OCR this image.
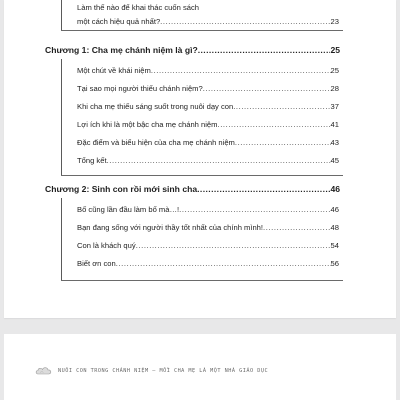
Làm thế nào để khai thác cuốn sách
một cách hiệu quả nhất? .....	23
Chương 1: Cha mẹ chánh niệm là gì? .....	25
Một chút về khái niệm .....	25
Tại sao mọi người thiếu chánh niệm? .....	28
Khi cha mẹ thiếu sáng suốt trong nuôi dạy con .....	37
Lợi ích khi là một bậc cha mẹ chánh niệm .....	41
Đặc điểm và biểu hiện của cha mẹ chánh niệm .....	43
Tổng kết .....	45
Chương 2: Sinh con rồi mới sinh cha .....	46
Bố cũng lần đầu làm bố mà…! .....	46
Bạn đang sống với người thầy tốt nhất của chính mình! .....	48
Con là khách quý .....	54
Biết ơn con .....	56
NUÔI CON TRONG CHÁNH NIỆM – MỖI CHA MẸ LÀ MỘT NHÀ GIÁO DỤC
